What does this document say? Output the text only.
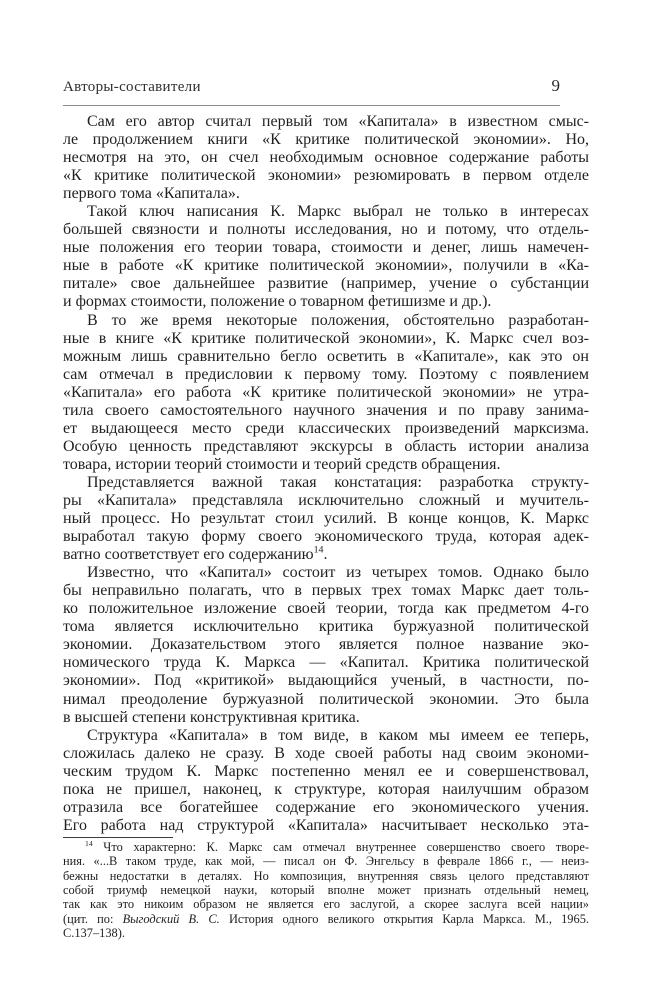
Авторы-составители	9
Сам его автор считал первый том «Капитала» в известном смыс-
ле продолжением книги «К критике политической экономии». Но,
несмотря на это, он счел необходимым основное содержание работы
«К критике политической экономии» резюмировать в первом отделе
первого тома «Капитала».
Такой ключ написания К. Маркс выбрал не только в интересах
большей связности и полноты исследования, но и потому, что отдель-
ные положения его теории товара, стоимости и денег, лишь намечен-
ные в работе «К критике политической экономии», получили в «Ка-
питале» свое дальнейшее развитие (например, учение о субстанции
и формах стоимости, положение о товарном фетишизме и др.).
В то же время некоторые положения, обстоятельно разработан-
ные в книге «К критике политической экономии», К. Маркс счел воз-
можным лишь сравнительно бегло осветить в «Капитале», как это он
сам отмечал в предисловии к первому тому. Поэтому с появлением
«Капитала» его работа «К критике политической экономии» не утра-
тила своего самостоятельного научного значения и по праву занима-
ет выдающееся место среди классических произведений марксизма.
Особую ценность представляют экскурсы в область истории анализа
товара, истории теорий стоимости и теорий средств обращения.
Представляется важной такая констатация: разработка структу-
ры «Капитала» представляла исключительно сложный и мучитель-
ный процесс. Но результат стоил усилий. В конце концов, К. Маркс
выработал такую форму своего экономического труда, которая адек-
ватно соответствует его содержанию$^{14}$.
Известно, что «Капитал» состоит из четырех томов. Однако было
бы неправильно полагать, что в первых трех томах Маркс дает толь-
ко положительное изложение своей теории, тогда как предметом 4-го
тома является исключительно критика буржуазной политической
экономии. Доказательством этого является полное название эко-
номического труда К. Маркса — «Капитал. Критика политической
экономии». Под «критикой» выдающийся ученый, в частности, по-
нимал преодоление буржуазной политической экономии. Это была
в высшей степени конструктивная критика.
Структура «Капитала» в том виде, в каком мы имеем ее теперь,
сложилась далеко не сразу. В ходе своей работы над своим экономи-
ческим трудом К. Маркс постепенно менял ее и совершенствовал,
пока не пришел, наконец, к структуре, которая наилучшим образом
отразила все богатейшее содержание его экономического учения.
Его работа над структурой «Капитала» насчитывает несколько эта-
$^{14}$ Что характерно: К. Маркс сам отмечал внутреннее совершенство своего творе-
ния. «...В таком труде, как мой, — писал он Ф. Энгельсу в феврале 1866 г., — неиз-
бежны недостатки в деталях. Но композиция, внутренняя связь целого представляют
собой триумф немецкой науки, который вполне может признать отдельный немец,
так как это никоим образом не является его заслугой, а скорее заслуга всей нации»
(цит. по: Выгодский В. С. История одного великого открытия Карла Маркса. М., 1965.
С.137–138).
